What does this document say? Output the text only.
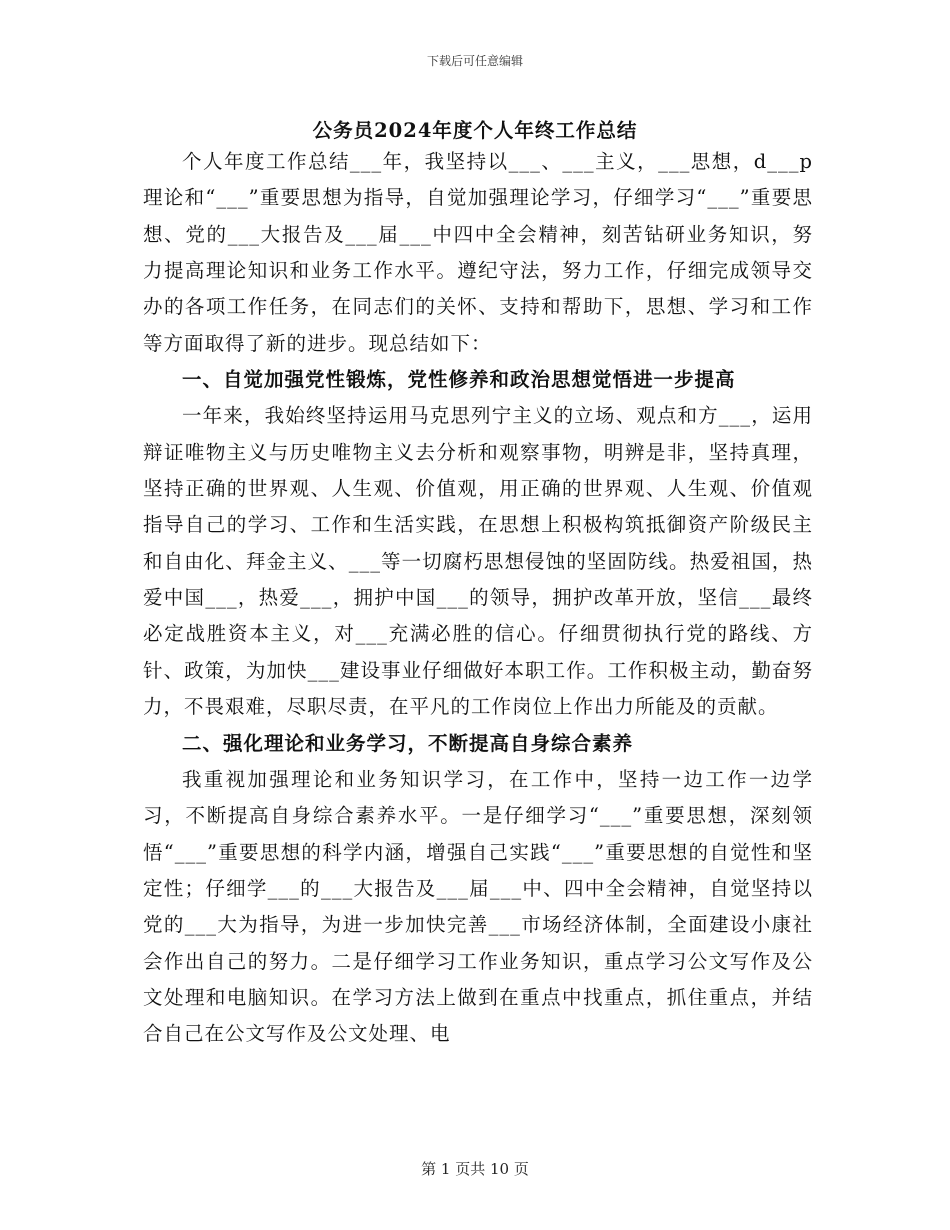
下载后可任意编辑
公务员2024年度个人年终工作总结

个人年度工作总结___年，我坚持以___、___主义，___思想，d___p理论和“___”重要思想为指导，自觉加强理论学习，仔细学习“___”重要思想、党的___大报告及___届___中四中全会精神，刻苦钻研业务知识，努力提高理论知识和业务工作水平。遵纪守法，努力工作，仔细完成领导交办的各项工作任务，在同志们的关怀、支持和帮助下，思想、学习和工作等方面取得了新的进步。现总结如下：

一、自觉加强党性锻炼，党性修养和政治思想觉悟进一步提高

一年来，我始终坚持运用马克思列宁主义的立场、观点和方___，运用辩证唯物主义与历史唯物主义去分析和观察事物，明辨是非，坚持真理，坚持正确的世界观、人生观、价值观，用正确的世界观、人生观、价值观指导自己的学习、工作和生活实践，在思想上积极构筑抵御资产阶级民主和自由化、拜金主义、___等一切腐朽思想侵蚀的坚固防线。热爱祖国，热爱中国___，热爱___，拥护中国___的领导，拥护改革开放，坚信___最终必定战胜资本主义，对___充满必胜的信心。仔细贯彻执行党的路线、方针、政策，为加快___建设事业仔细做好本职工作。工作积极主动，勤奋努力，不畏艰难，尽职尽责，在平凡的工作岗位上作出力所能及的贡献。

二、强化理论和业务学习，不断提高自身综合素养

我重视加强理论和业务知识学习，在工作中，坚持一边工作一边学习，不断提高自身综合素养水平。一是仔细学习“___”重要思想，深刻领悟“___”重要思想的科学内涵，增强自己实践“___”重要思想的自觉性和坚定性；仔细学___的___大报告及___届___中、四中全会精神，自觉坚持以党的___大为指导，为进一步加快完善___市场经济体制，全面建设小康社会作出自己的努力。二是仔细学习工作业务知识，重点学习公文写作及公文处理和电脑知识。在学习方法上做到在重点中找重点，抓住重点，并结合自己在公文写作及公文处理、电

第 1 页共 10 页
